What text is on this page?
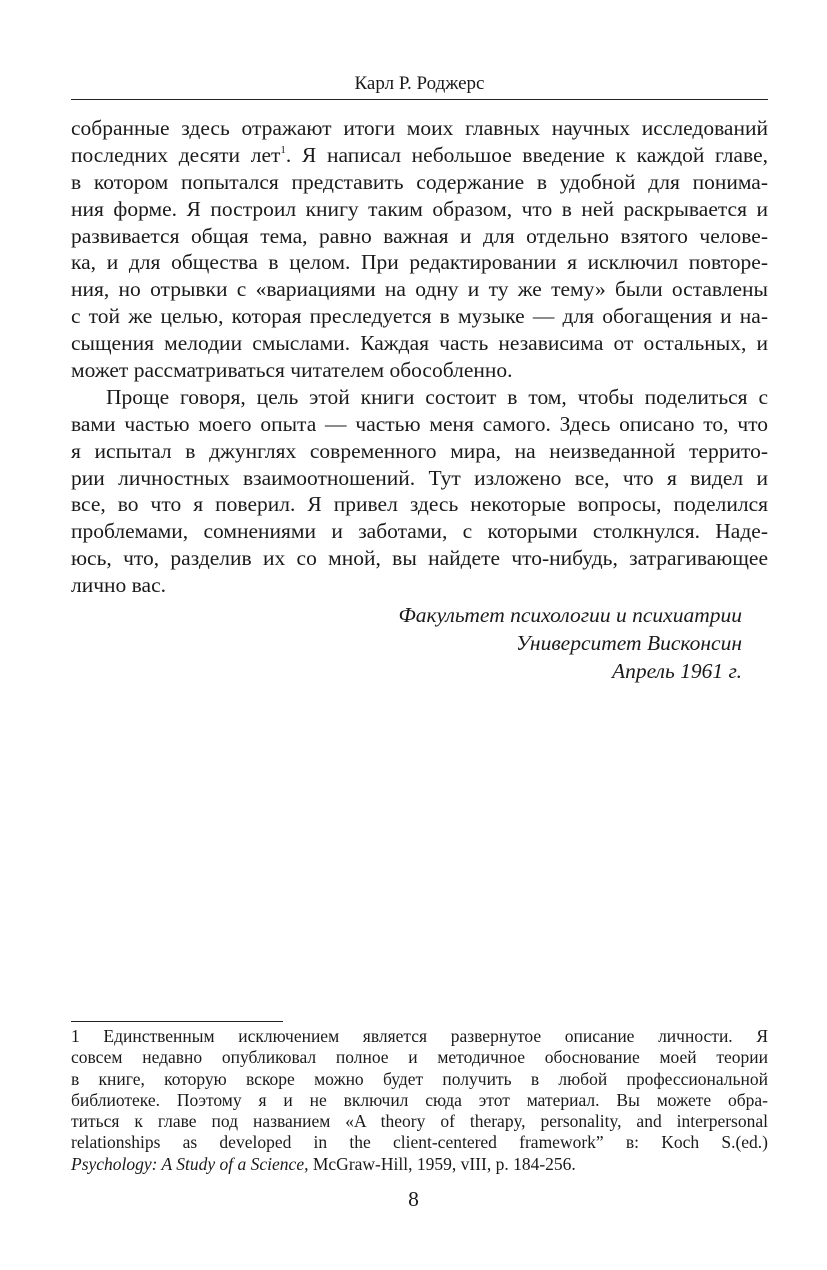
Карл Р. Роджерс
собранные здесь отражают итоги моих главных научных исследований
последних десяти лет$^1$. Я написал небольшое введение к каждой главе,
в котором попытался представить содержание в удобной для понима-
ния форме. Я построил книгу таким образом, что в ней раскрывается и
развивается общая тема, равно важная и для отдельно взятого челове-
ка, и для общества в целом. При редактировании я исключил повторе-
ния, но отрывки с «вариациями на одну и ту же тему» были оставлены
с той же целью, которая преследуется в музыке — для обогащения и на-
сыщения мелодии смыслами. Каждая часть независима от остальных, и
может рассматриваться читателем обособленно.
Проще говоря, цель этой книги состоит в том, чтобы поделиться с
вами частью моего опыта — частью меня самого. Здесь описано то, что
я испытал в джунглях современного мира, на неизведанной террито-
рии личностных взаимоотношений. Тут изложено все, что я видел и
все, во что я поверил. Я привел здесь некоторые вопросы, поделился
проблемами, сомнениями и заботами, с которыми столкнулся. Наде-
юсь, что, разделив их со мной, вы найдете что-нибудь, затрагивающее
лично вас.
Факультет психологии и психиатрии
Университет Висконсин
Апрель 1961 г.
1 Единственным исключением является развернутое описание личности. Я
совсем недавно опубликовал полное и методичное обоснование моей теории
в книге, которую вскоре можно будет получить в любой профессиональной
библиотеке. Поэтому я и не включил сюда этот материал. Вы можете обра-
титься к главе под названием «A theory of therapy, personality, and interpersonal
relationships as developed in the client-centered framework” в: Koch S.(ed.)
Psychology: A Study of a Science, McGraw-Hill, 1959, vIII, p. 184-256.
8
